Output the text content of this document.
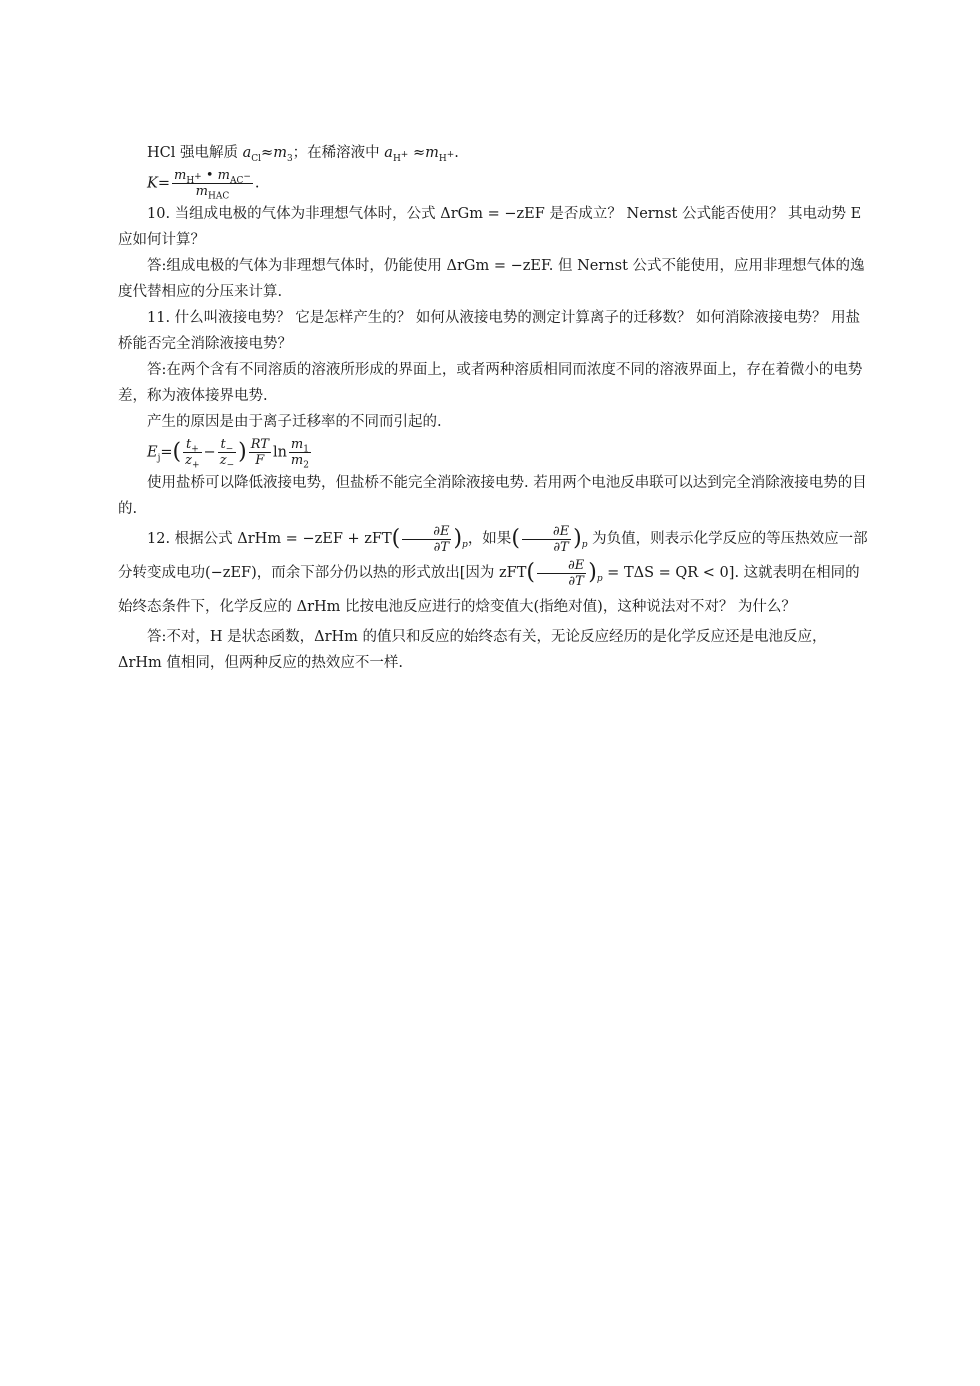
HCl 强电解质 $a_{Cl}\approx m_3$；在稀溶液中 $a_{H^+} \approx m_{H^+}$.

$K= \frac{m_{H^+} • m_{AC^-}}{m_{HAC}}$ .

10. 当组成电极的气体为非理想气体时，公式 ΔrGm = −zEF 是否成立？ Nernst 公式能否使用？ 其电动势 E 应如何计算？

答:组成电极的气体为非理想气体时，仍能使用 ΔrGm = −zEF. 但 Nernst 公式不能使用，应用非理想气体的逸度代替相应的分压来计算.

11. 什么叫液接电势？ 它是怎样产生的？ 如何从液接电势的测定计算离子的迁移数？ 如何消除液接电势？ 用盐桥能否完全消除液接电势？

答:在两个含有不同溶质的溶液所形成的界面上，或者两种溶质相同而浓度不同的溶液界面上，存在着微小的电势差，称为液体接界电势.

产生的原因是由于离子迁移率的不同而引起的.

$E_j=( \frac{t_+}{z_+} - \frac{t_-}{z_-}$ ) $\frac{RT}{F}$ $\ln \frac{m_1}{m_2}$

使用盐桥可以降低液接电势，但盐桥不能完全消除液接电势. 若用两个电池反串联可以达到完全消除液接电势的目的.

12. 根据公式 $\Delta rHm = -zEF + zFT( \frac{\partial E}{\partial T} )_p$，如果( $\frac{\partial E}{\partial T} )_p$ 为负值，则表示化学反应的等压热效应一部分转变成电功(−zEF)，而余下部分仍以热的形式放出[因为 $zFT( \frac{\partial E}{\partial T} )_p = T\Delta S$ = QR < 0]. 这就表明在相同的始终态条件下，化学反应的 ΔrHm 比按电池反应进行的焓变值大(指绝对值)，这种说法对不对？ 为什么？

答:不对，H 是状态函数，ΔrHm 的值只和反应的始终态有关，无论反应经历的是化学反应还是电池反应，ΔrHm 值相同，但两种反应的热效应不一样.
